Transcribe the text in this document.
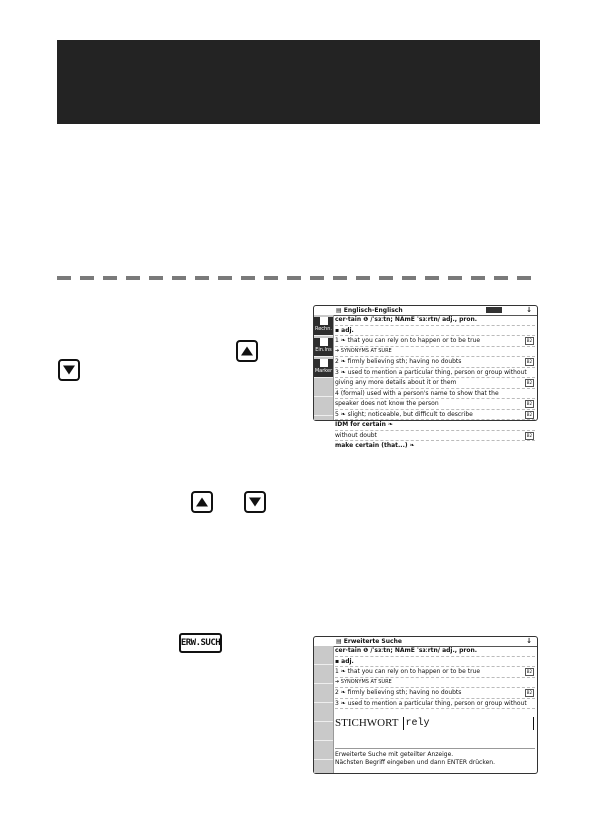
ERW.SUCH
▤ Englisch-Englisch	↓
Rechn.
Ein.Ins
Marker
cer·tain ❶ /ˈsɜːtn; NAmE ˈsɜːrtn/ adj., pron.
▪ adj.
1 ❧ that you can rely on to happen or to be true	B2
➔ SYNONYMS AT SURE
2 ❧ firmly believing sth; having no doubts	B2
3 ❧ used to mention a particular thing, person or group without
giving any more details about it or them	B2
4 (formal) used with a person's name to show that the
speaker does not know the person	B2
5 ❧ slight; noticeable, but difficult to describe	B2
IDM for certain ❧
without doubt	B2
make certain (that...) ❧
▤ Erweiterte Suche	↓
cer·tain ❶ /ˈsɜːtn; NAmE ˈsɜːrtn/ adj., pron.
▪ adj.
1 ❧ that you can rely on to happen or to be true	B2
➔ SYNONYMS AT SURE
2 ❧ firmly believing sth; having no doubts	B2
3 ❧ used to mention a particular thing, person or group without
STICHWORT rely
Erweiterte Suche mit geteilter Anzeige.
Nächsten Begriff eingeben und dann ENTER drücken.
